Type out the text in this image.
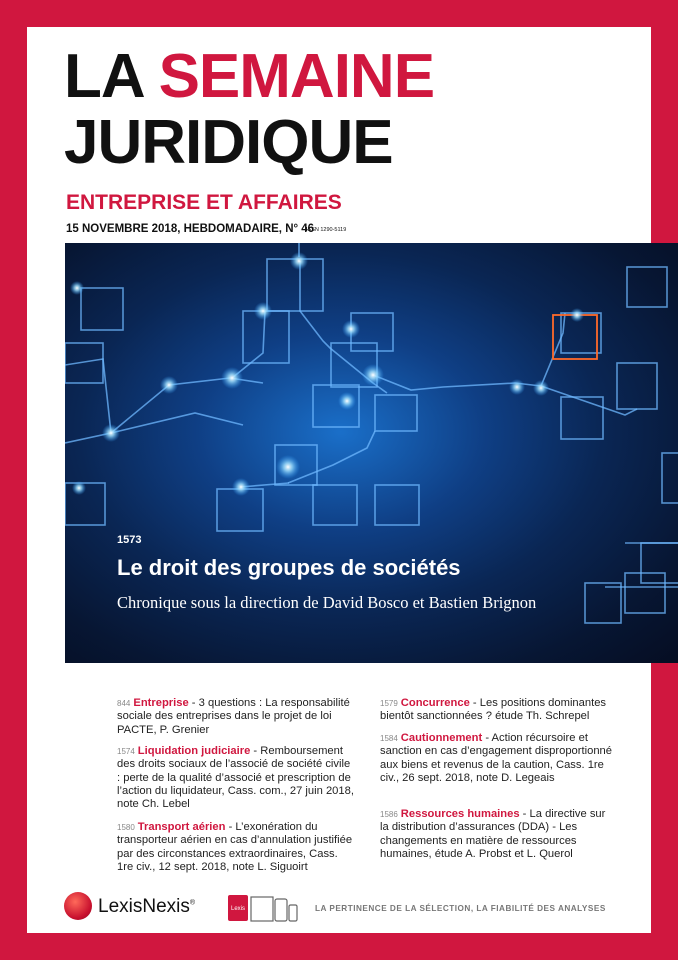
LA SEMAINE
JURIDIQUE
ENTREPRISE ET AFFAIRES
15 NOVEMBRE 2018, HEBDOMADAIRE, N° 46
ISSN 1290-5119
1573
Le droit des groupes de sociétés
Chronique sous la direction de David Bosco et Bastien Brignon
844 Entreprise - 3 questions : La responsabilité sociale des entreprises dans le projet de loi PACTE, P. Grenier
1574 Liquidation judiciaire - Remboursement des droits sociaux de l’associé de société civile : perte de la qualité d’associé et prescription de l’action du liquidateur, Cass. com., 27 juin 2018, note Ch. Lebel
1580 Transport aérien - L’exonération du transporteur aérien en cas d’annulation justifiée par des circonstances extraordinaires, Cass. 1re civ., 12 sept. 2018, note L. Siguoirt
1579 Concurrence - Les positions dominantes bientôt sanctionnées ? étude Th. Schrepel
1584 Cautionnement - Action récursoire et sanction en cas d’engagement disproportionné aux biens et revenus de la caution, Cass. 1re civ., 26 sept. 2018, note D. Legeais
1586 Ressources humaines - La directive sur la distribution d’assurances (DDA) - Les changements en matière de ressources humaines, étude A. Probst et L. Querol
LexisNexis®
Lexis

Kiosque
LA PERTINENCE DE LA SÉLECTION, LA FIABILITÉ DES ANALYSES
